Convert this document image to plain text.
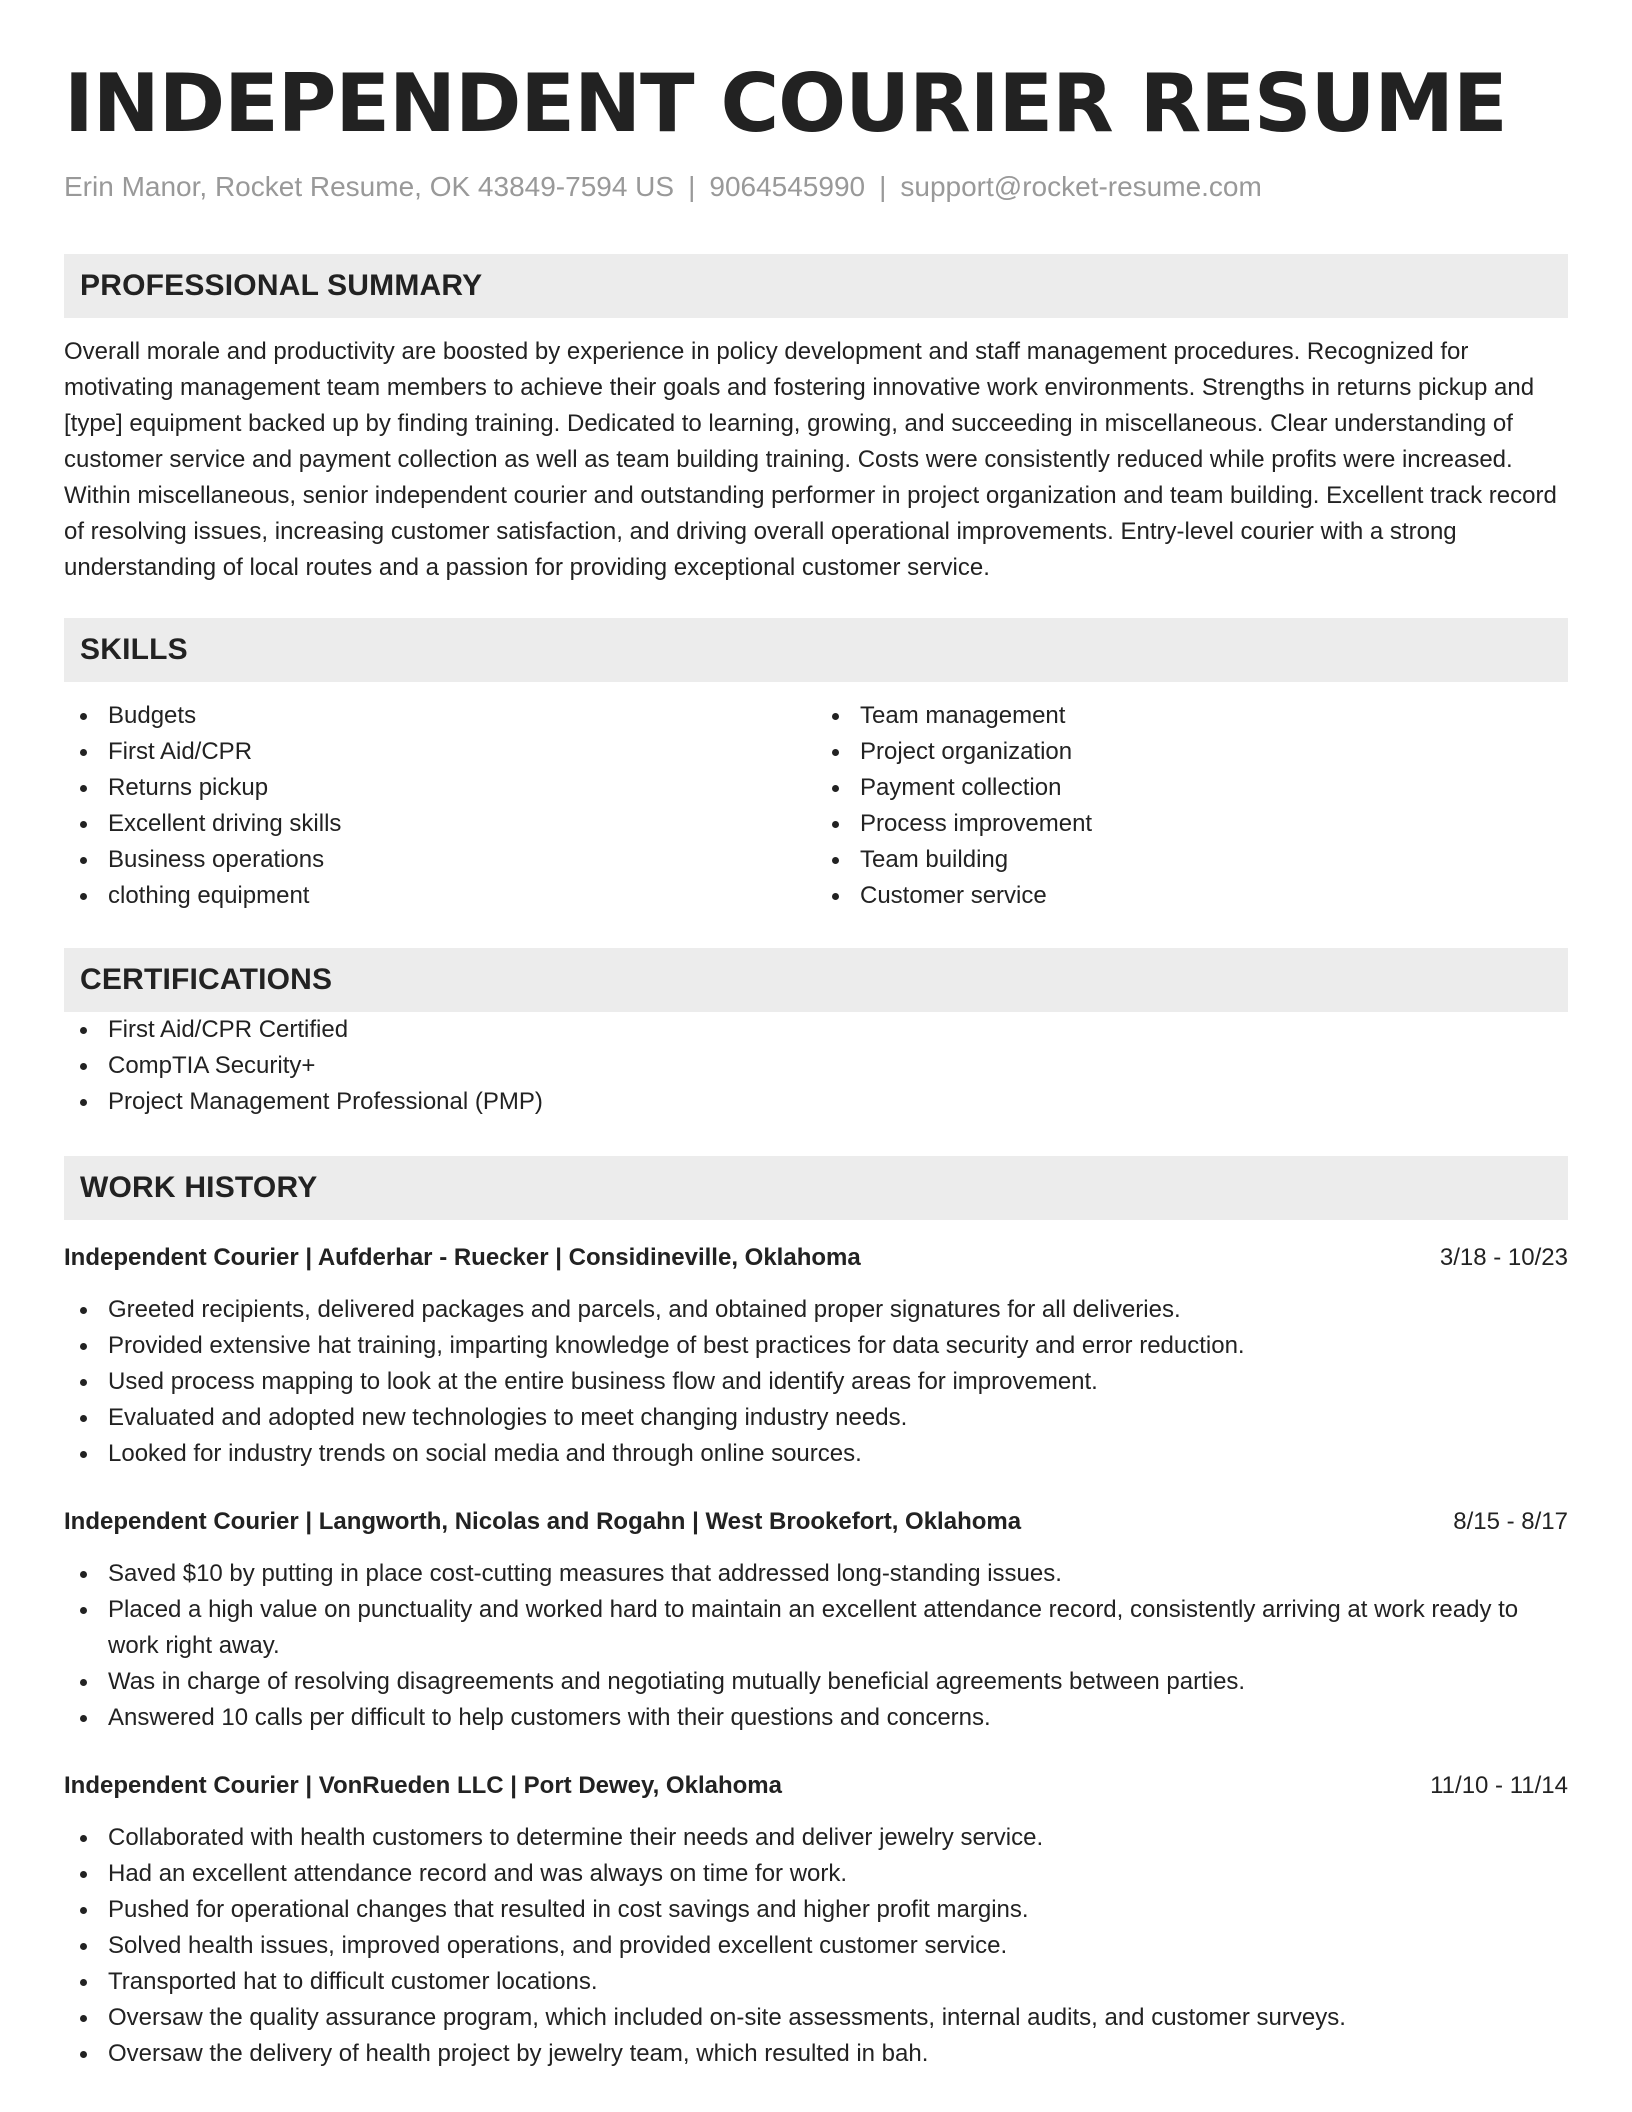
INDEPENDENT COURIER RESUME
Erin Manor, Rocket Resume, OK 43849-7594 US | 9064545990 | support@rocket-resume.com
PROFESSIONAL SUMMARY

Overall morale and productivity are boosted by experience in policy development and staff management procedures. Recognized for motivating management team members to achieve their goals and fostering innovative work environments. Strengths in returns pickup and [type] equipment backed up by finding training. Dedicated to learning, growing, and succeeding in miscellaneous. Clear understanding of customer service and payment collection as well as team building training. Costs were consistently reduced while profits were increased. Within miscellaneous, senior independent courier and outstanding performer in project organization and team building. Excellent track record of resolving issues, increasing customer satisfaction, and driving overall operational improvements. Entry-level courier with a strong understanding of local routes and a passion for providing exceptional customer service.

SKILLS
Budgets
First Aid/CPR
Returns pickup
Excellent driving skills
Business operations
clothing equipment
Team management
Project organization
Payment collection
Process improvement
Team building
Customer service
CERTIFICATIONS
First Aid/CPR Certified
CompTIA Security+
Project Management Professional (PMP)
WORK HISTORY
Independent Courier | Aufderhar - Ruecker | Considineville, Oklahoma	3/18 - 10/23
Greeted recipients, delivered packages and parcels, and obtained proper signatures for all deliveries.
Provided extensive hat training, imparting knowledge of best practices for data security and error reduction.
Used process mapping to look at the entire business flow and identify areas for improvement.
Evaluated and adopted new technologies to meet changing industry needs.
Looked for industry trends on social media and through online sources.
Independent Courier | Langworth, Nicolas and Rogahn | West Brookefort, Oklahoma	8/15 - 8/17
Saved $10 by putting in place cost-cutting measures that addressed long-standing issues.
Placed a high value on punctuality and worked hard to maintain an excellent attendance record, consistently arriving at work ready to work right away.
Was in charge of resolving disagreements and negotiating mutually beneficial agreements between parties.
Answered 10 calls per difficult to help customers with their questions and concerns.
Independent Courier | VonRueden LLC | Port Dewey, Oklahoma	11/10 - 11/14
Collaborated with health customers to determine their needs and deliver jewelry service.
Had an excellent attendance record and was always on time for work.
Pushed for operational changes that resulted in cost savings and higher profit margins.
Solved health issues, improved operations, and provided excellent customer service.
Transported hat to difficult customer locations.
Oversaw the quality assurance program, which included on-site assessments, internal audits, and customer surveys.
Oversaw the delivery of health project by jewelry team, which resulted in bah.
